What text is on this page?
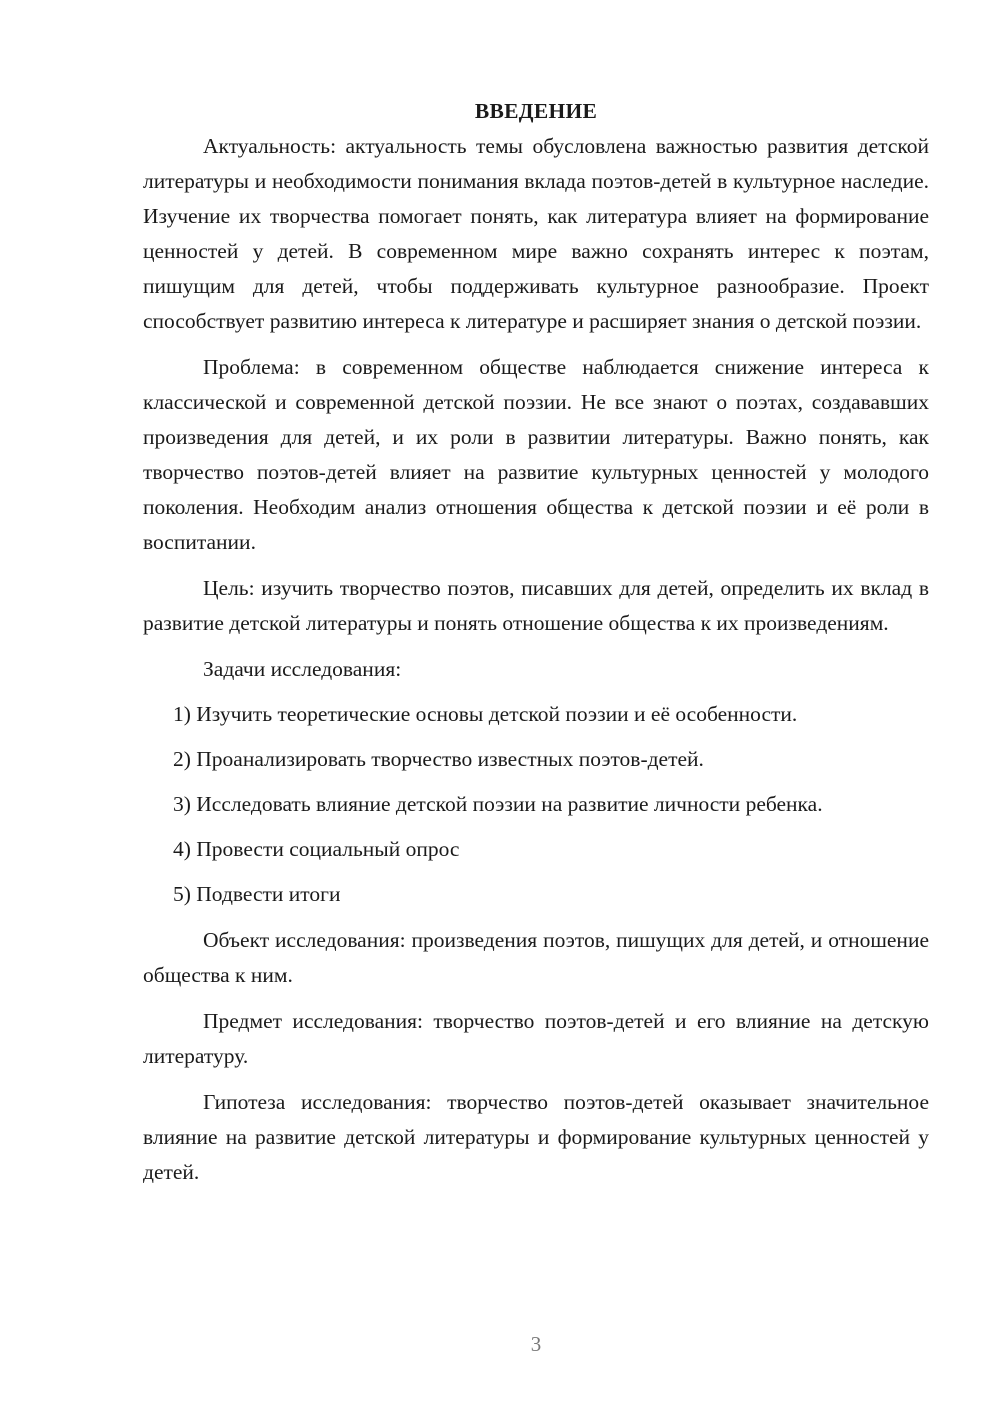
ВВЕДЕНИЕ

Актуальность: актуальность темы обусловлена важностью развития детской литературы и необходимости понимания вклада поэтов-детей в культурное наследие. Изучение их творчества помогает понять, как литература влияет на формирование ценностей у детей. В современном мире важно сохранять интерес к поэтам, пишущим для детей, чтобы поддерживать культурное разнообразие. Проект способствует развитию интереса к литературе и расширяет знания о детской поэзии.

Проблема: в современном обществе наблюдается снижение интереса к классической и современной детской поэзии. Не все знают о поэтах, создававших произведения для детей, и их роли в развитии литературы. Важно понять, как творчество поэтов-детей влияет на развитие культурных ценностей у молодого поколения. Необходим анализ отношения общества к детской поэзии и её роли в воспитании.

Цель: изучить творчество поэтов, писавших для детей, определить их вклад в развитие детской литературы и понять отношение общества к их произведениям.

Задачи исследования:

1) Изучить теоретические основы детской поэзии и её особенности.
2) Проанализировать творчество известных поэтов-детей.
3) Исследовать влияние детской поэзии на развитие личности ребенка.
4) Провести социальный опрос
5) Подвести итоги

Объект исследования: произведения поэтов, пишущих для детей, и отношение общества к ним.

Предмет исследования: творчество поэтов-детей и его влияние на детскую литературу.

Гипотеза исследования: творчество поэтов-детей оказывает значительное влияние на развитие детской литературы и формирование культурных ценностей у детей.

3
